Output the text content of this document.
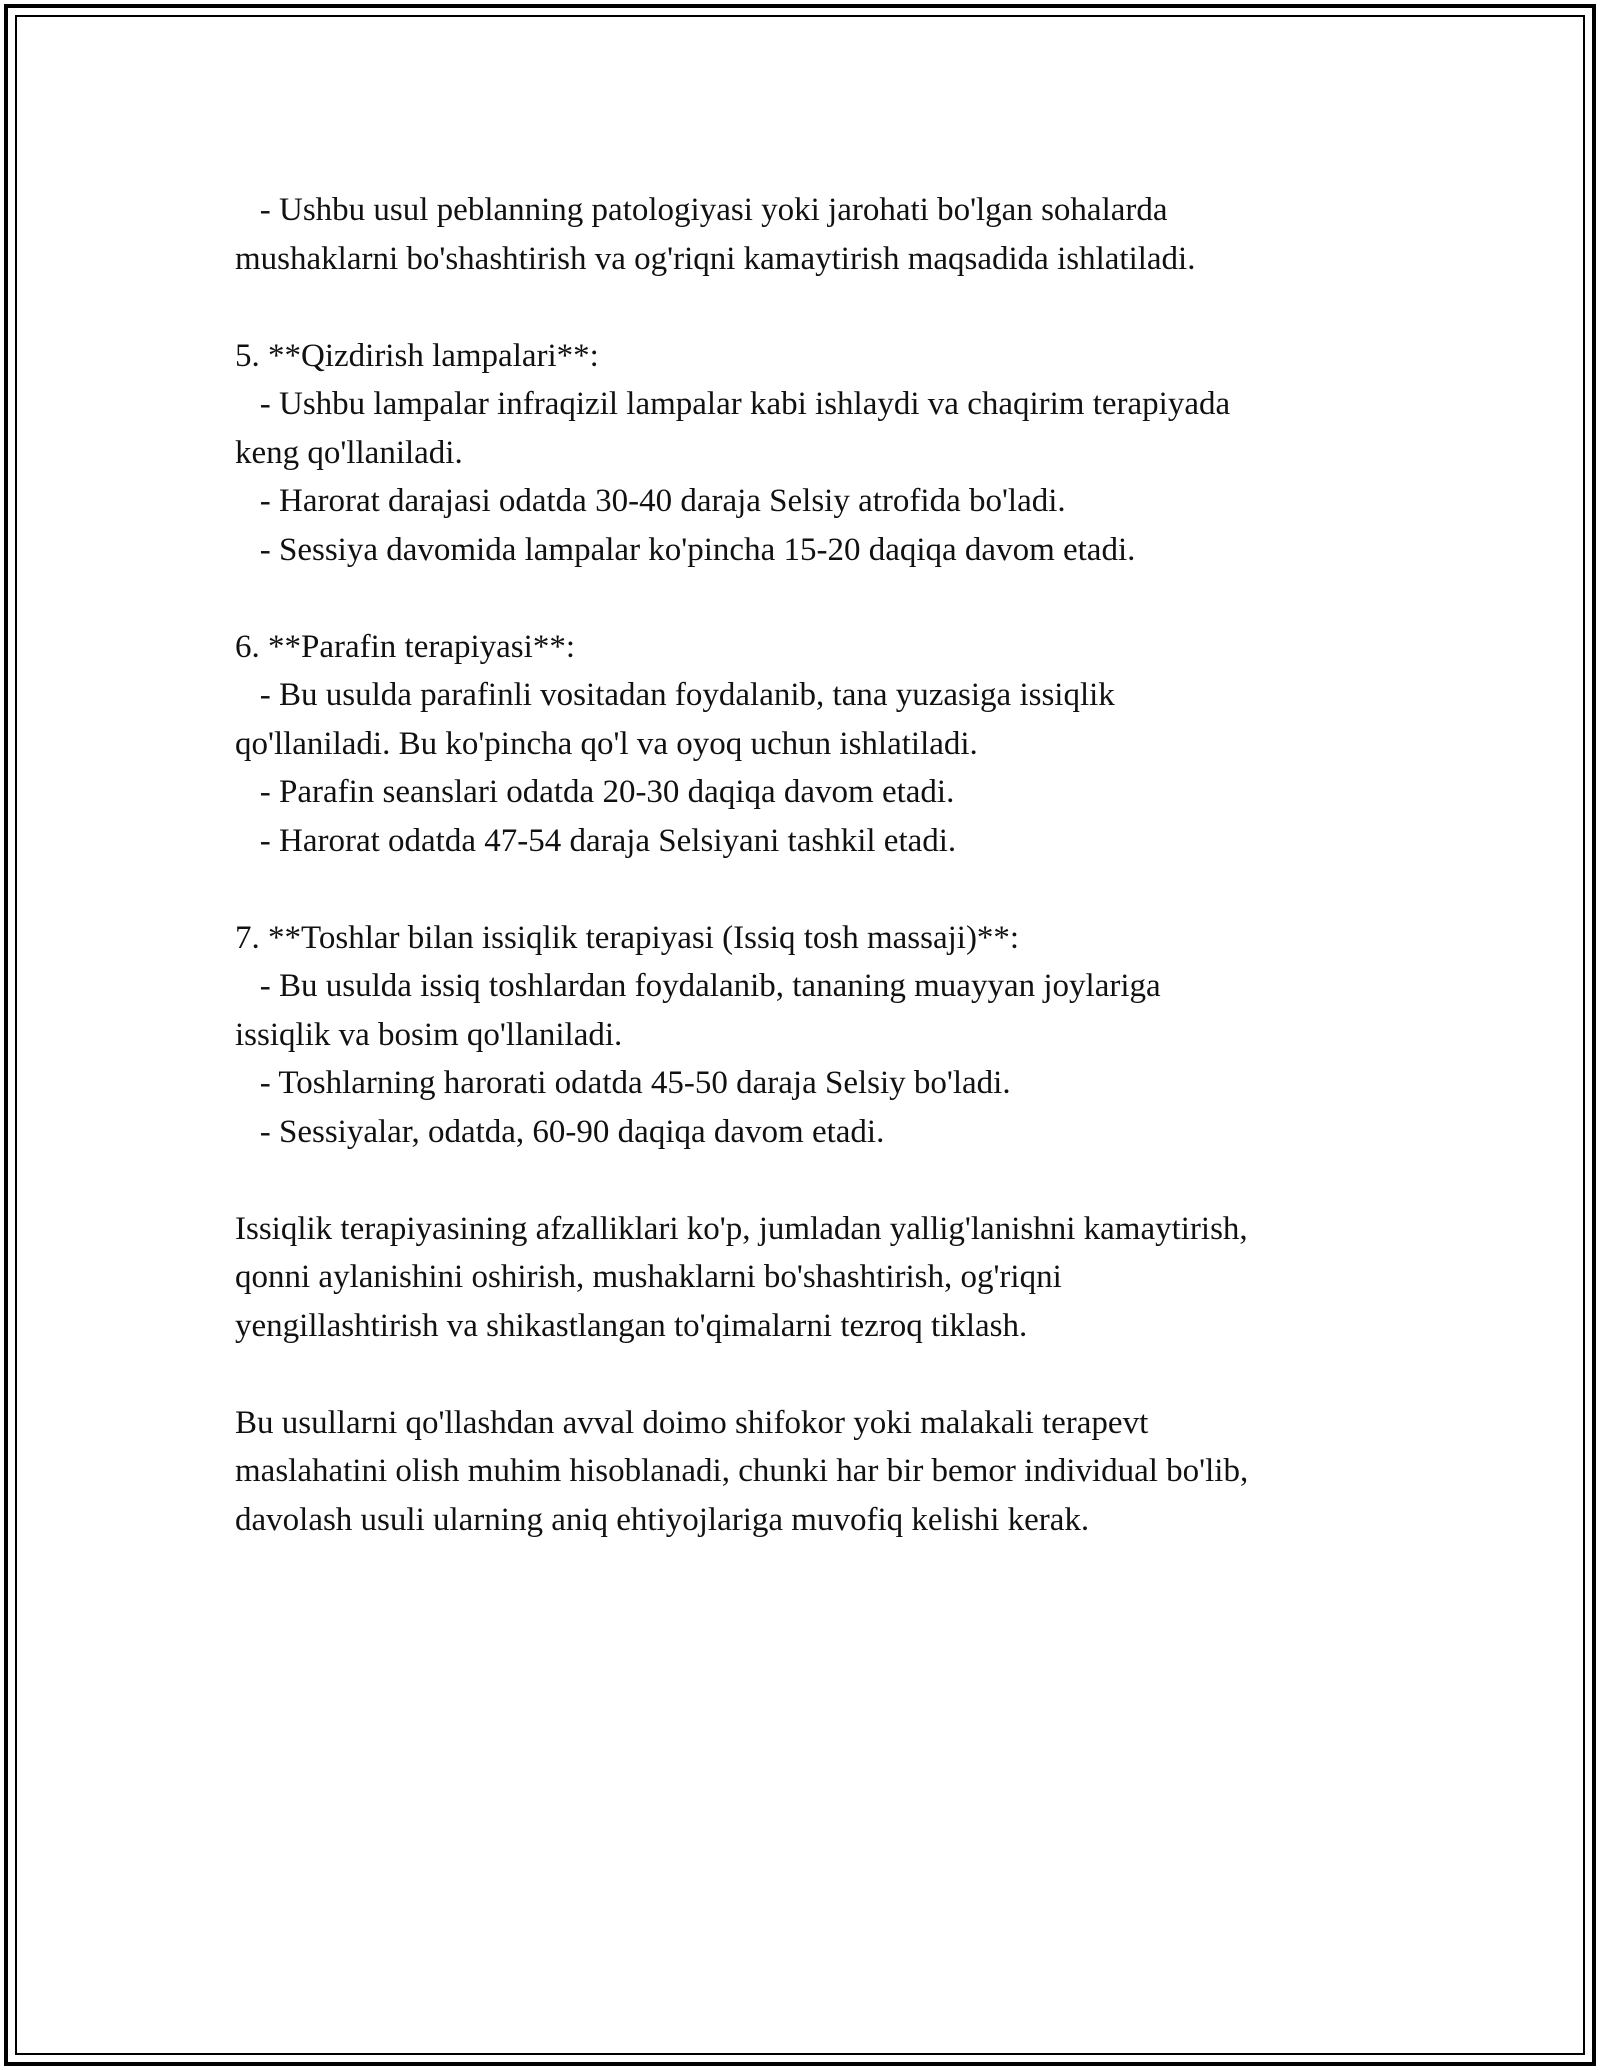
- Ushbu usul peblanning patologiyasi yoki jarohati bo'lgan sohalarda
mushaklarni bo'shashtirish va og'riqni kamaytirish maqsadida ishlatiladi.
5. **Qizdirish lampalari**:
- Ushbu lampalar infraqizil lampalar kabi ishlaydi va chaqirim terapiyada
keng qo'llaniladi.
- Harorat darajasi odatda 30-40 daraja Selsiy atrofida bo'ladi.
- Sessiya davomida lampalar ko'pincha 15-20 daqiqa davom etadi.
6. **Parafin terapiyasi**:
- Bu usulda parafinli vositadan foydalanib, tana yuzasiga issiqlik
qo'llaniladi. Bu ko'pincha qo'l va oyoq uchun ishlatiladi.
- Parafin seanslari odatda 20-30 daqiqa davom etadi.
- Harorat odatda 47-54 daraja Selsiyani tashkil etadi.
7. **Toshlar bilan issiqlik terapiyasi (Issiq tosh massaji)**:
- Bu usulda issiq toshlardan foydalanib, tananing muayyan joylariga
issiqlik va bosim qo'llaniladi.
- Toshlarning harorati odatda 45-50 daraja Selsiy bo'ladi.
- Sessiyalar, odatda, 60-90 daqiqa davom etadi.
Issiqlik terapiyasining afzalliklari ko'p, jumladan yallig'lanishni kamaytirish,
qonni aylanishini oshirish, mushaklarni bo'shashtirish, og'riqni
yengillashtirish va shikastlangan to'qimalarni tezroq tiklash.
Bu usullarni qo'llashdan avval doimo shifokor yoki malakali terapevt
maslahatini olish muhim hisoblanadi, chunki har bir bemor individual bo'lib,
davolash usuli ularning aniq ehtiyojlariga muvofiq kelishi kerak.
